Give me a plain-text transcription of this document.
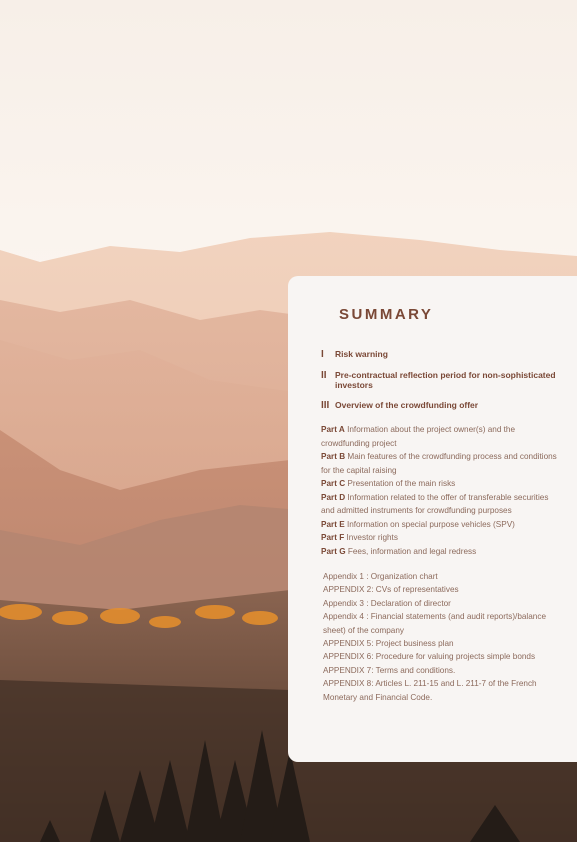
SUMMARY
I	Risk warning
II Pre-contractual reflection period for non-sophisticated investors
III Overview of the crowdfunding offer
Part A Information about the project owner(s) and the crowdfunding project
Part B Main features of the crowdfunding process and conditions for the capital raising
Part C Presentation of the main risks
Part D Information related to the offer of transferable securities and admitted instruments for crowdfunding purposes
Part E Information on special purpose vehicles (SPV)
Part F Investor rights
Part G Fees, information and legal redress
Appendix 1 : Organization chart
APPENDIX 2: CVs of representatives
Appendix 3 : Declaration of director
Appendix 4 : Financial statements (and audit reports)/balance sheet) of the company
APPENDIX 5: Project business plan
APPENDIX 6: Procedure for valuing projects simple bonds
APPENDIX 7: Terms and conditions.
APPENDIX 8: Articles L. 211-15 and L. 211-7 of the French Monetary and Financial Code.
